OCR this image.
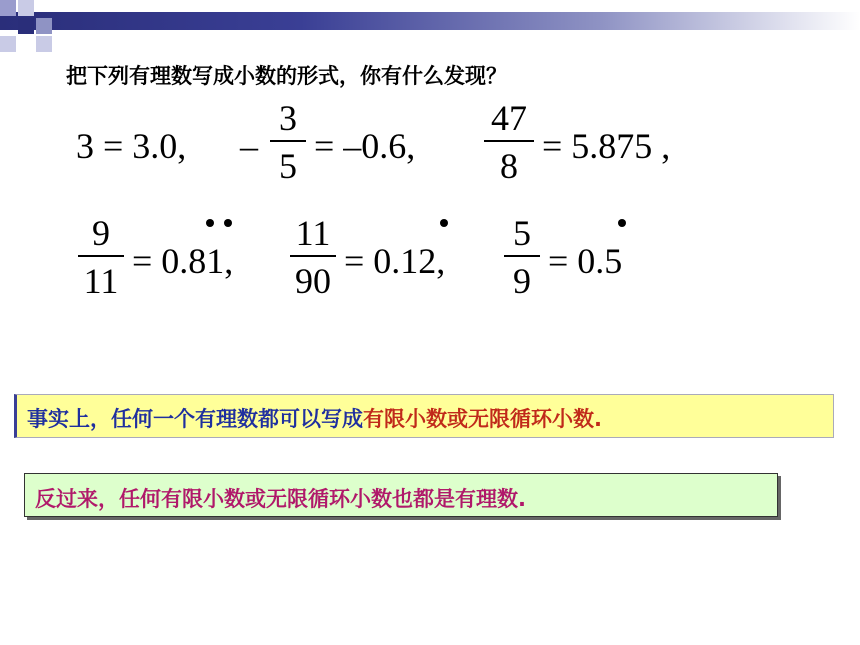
把下列有理数写成小数的形式，你有什么发现？
3 = 3.0, –
3
5 = –0.6,
47
8 = 5.875 ,
9
11 = 0.81,
11
90 = 0.12,
5
9 = 0.5
事实上，任何一个有理数都可以写成有限小数或无限循环小数.
反过来，任何有限小数或无限循环小数也都是有理数.
